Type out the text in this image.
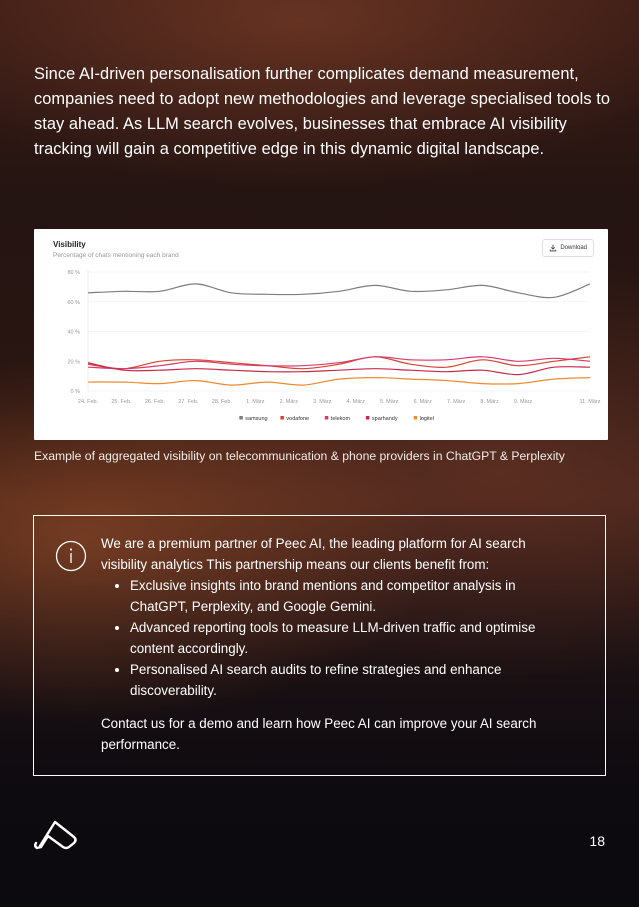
Since AI-driven personalisation further complicates demand measurement, companies need to adopt new methodologies and leverage specialised tools to stay ahead. As LLM search evolves, businesses that embrace AI visibility tracking will gain a competitive edge in this dynamic digital landscape.

80 %
60 %
40 %
20 %
0 %
24. Feb. 25. Feb. 26. Feb. 27. Feb. 28. Feb.	1. März	2. März	3. März	4. März	5. März	6. März	7. März	8. März	9. März	11. März
samsung	vodafone	telekom	sparhandy	logitel
Visibility
Percentage of chats mentioning each brand
Download
Example of aggregated visibility on telecommunication & phone providers in ChatGPT & Perplexity

We are a premium partner of Peec AI, the leading platform for AI search visibility analytics This partnership means our clients benefit from:

• Exclusive insights into brand mentions and competitor analysis in ChatGPT, Perplexity, and Google Gemini.
• Advanced reporting tools to measure LLM-driven traffic and optimise content accordingly.
• Personalised AI search audits to refine strategies and enhance discoverability.

Contact us for a demo and learn how Peec AI can improve your AI search performance.

18
